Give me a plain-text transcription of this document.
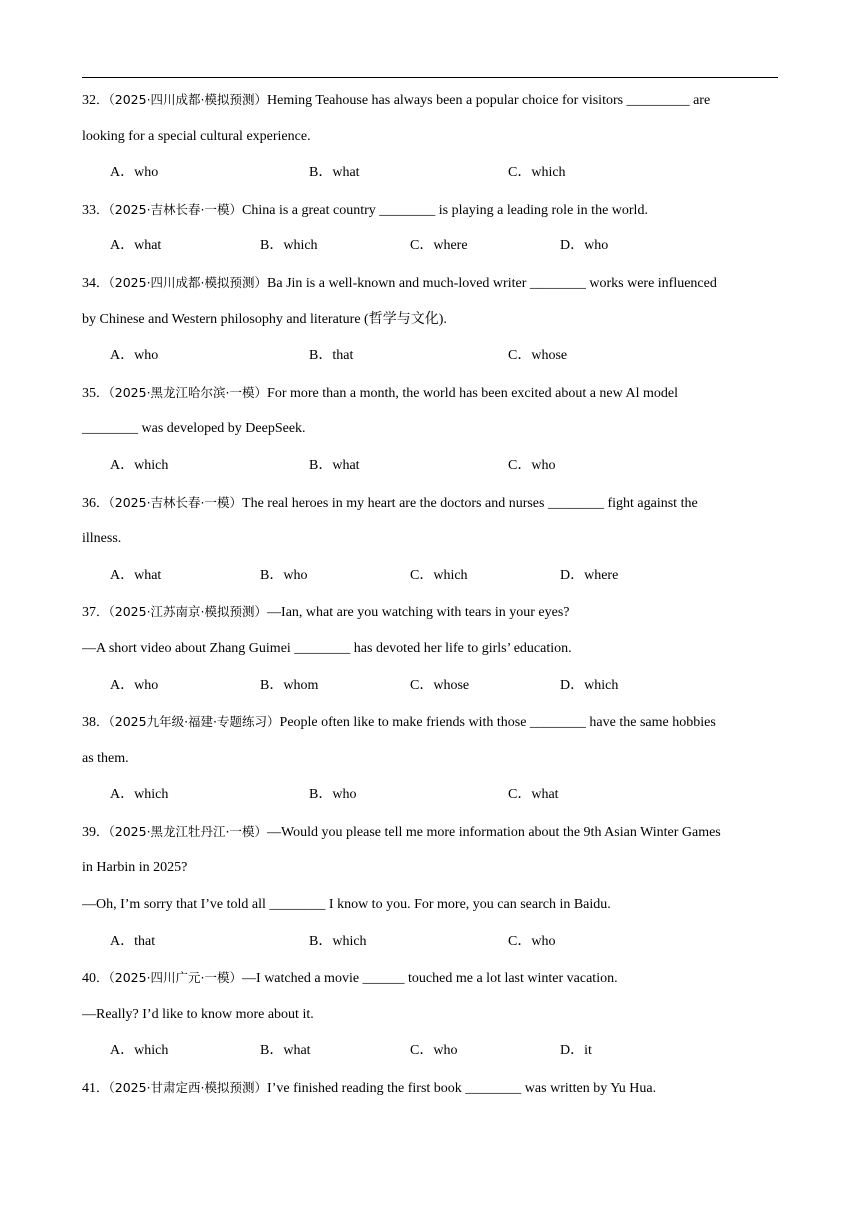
32．（2025·四川成都·模拟预测）Heming Teahouse has always been a popular choice for visitors _________ are
looking for a special cultural experience.
A．who	B．what	C．which
33．（2025·吉林长春·一模）China is a great country ________ is playing a leading role in the world.
A．what	B．which	C．where	D．who
34．（2025·四川成都·模拟预测）Ba Jin is a well-known and much-loved writer ________ works were influenced
by Chinese and Western philosophy and literature (哲学与文化).
A．who	B．that	C．whose
35．（2025·黑龙江哈尔滨·一模）For more than a month, the world has been excited about a new Al model
________ was developed by DeepSeek.
A．which	B．what	C．who
36．（2025·吉林长春·一模）The real heroes in my heart are the doctors and nurses ________ fight against the
illness.
A．what	B．who	C．which	D．where
37．（2025·江苏南京·模拟预测）—Ian, what are you watching with tears in your eyes?
—A short video about Zhang Guimei ________ has devoted her life to girls’ education.
A．who	B．whom	C．whose	D．which
38．（2025九年级·福建·专题练习）People often like to make friends with those ________ have the same hobbies
as them.
A．which	B．who	C．what
39．（2025·黑龙江牡丹江·一模）—Would you please tell me more information about the 9th Asian Winter Games
in Harbin in 2025?
—Oh, I’m sorry that I’ve told all ________ I know to you. For more, you can search in Baidu.
A．that	B．which	C．who
40．（2025·四川广元·一模）—I watched a movie ______ touched me a lot last winter vacation.
—Really? I’d like to know more about it.
A．which	B．what	C．who	D．it
41．（2025·甘肃定西·模拟预测）I’ve finished reading the first book ________ was written by Yu Hua.
